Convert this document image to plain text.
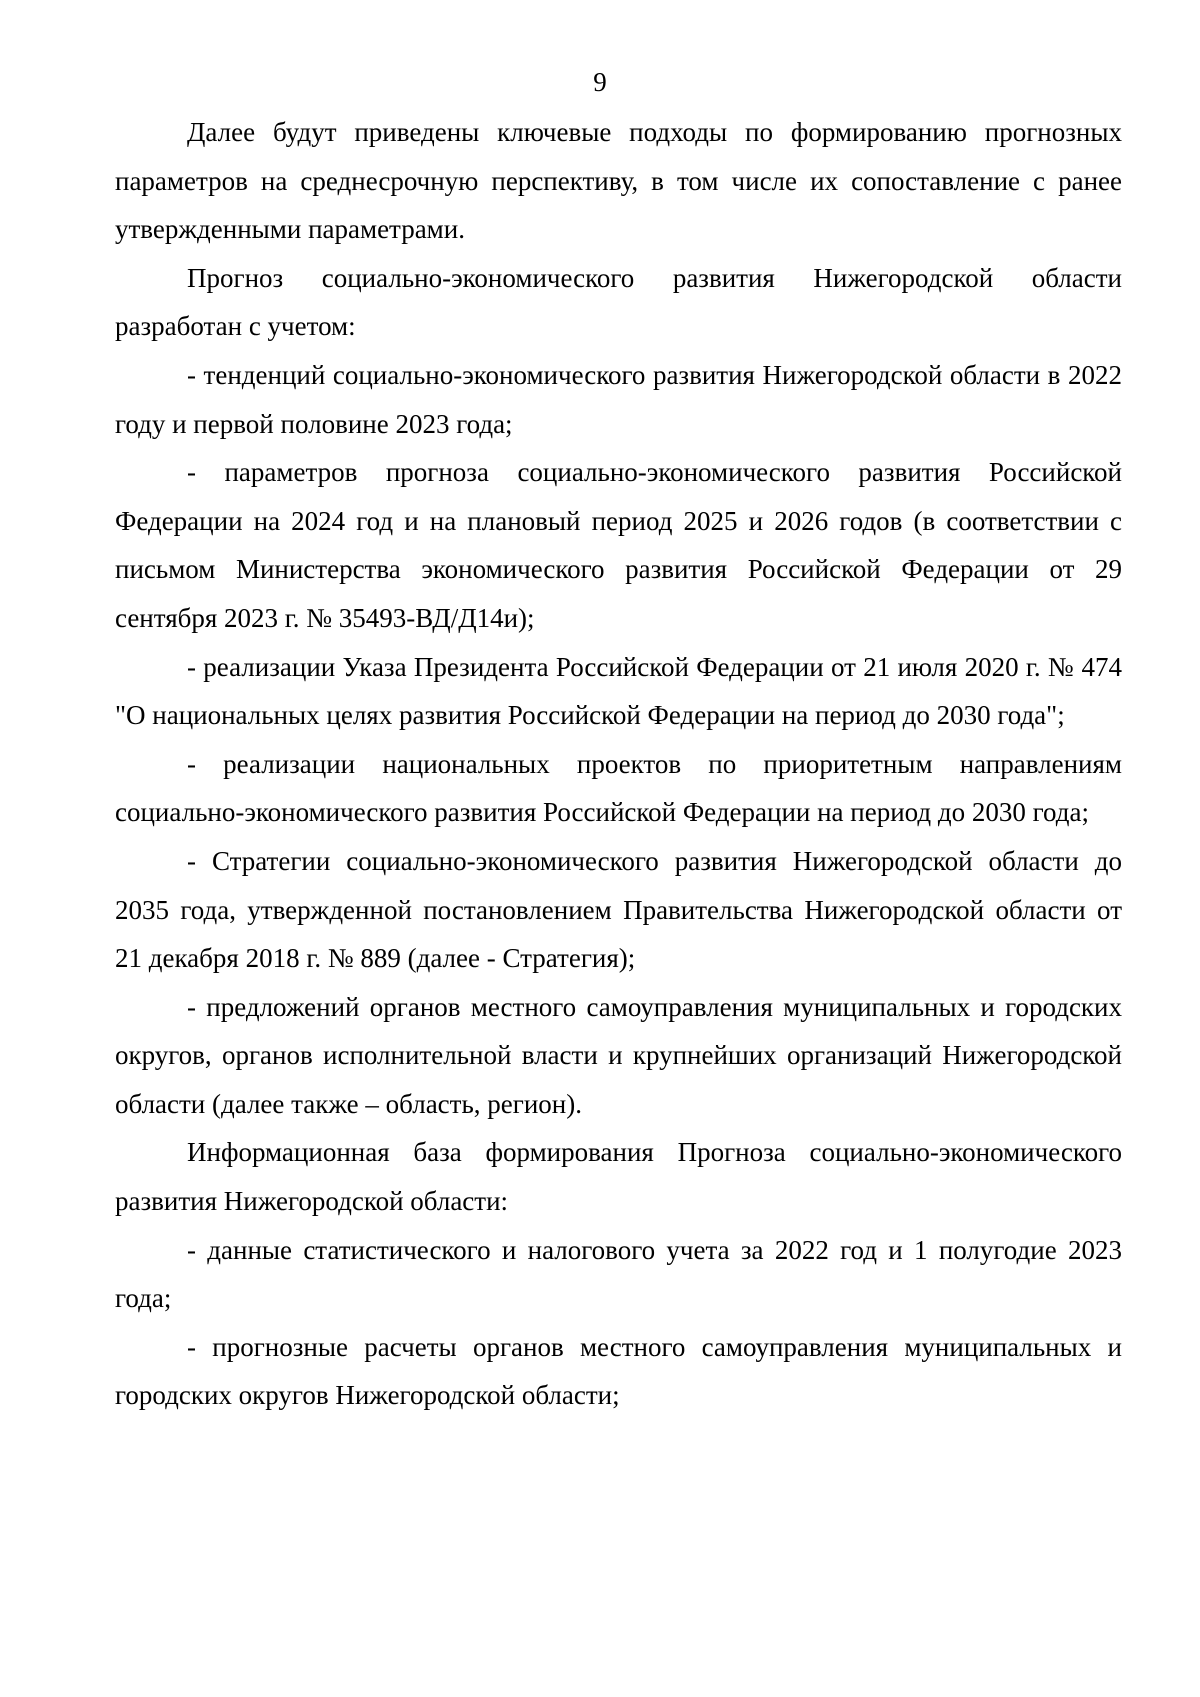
9

Далее будут приведены ключевые подходы по формированию прогнозных параметров на среднесрочную перспективу, в том числе их сопоставление с ранее утвержденными параметрами.

Прогноз социально-экономического развития Нижегородской области разработан с учетом:

- тенденций социально-экономического развития Нижегородской области в 2022 году и первой половине 2023 года;

- параметров прогноза социально-экономического развития Российской Федерации на 2024 год и на плановый период 2025 и 2026 годов (в соответствии с письмом Министерства экономического развития Российской Федерации от 29 сентября 2023 г. № 35493-ВД/Д14и);

- реализации Указа Президента Российской Федерации от 21 июля 2020 г. № 474 "О национальных целях развития Российской Федерации на период до 2030 года";

- реализации национальных проектов по приоритетным направлениям социально-экономического развития Российской Федерации на период до 2030 года;

- Стратегии социально-экономического развития Нижегородской области до 2035 года, утвержденной постановлением Правительства Нижегородской области от 21 декабря 2018 г. № 889 (далее - Стратегия);

- предложений органов местного самоуправления муниципальных и городских округов, органов исполнительной власти и крупнейших организаций Нижегородской области (далее также – область, регион).

Информационная база формирования Прогноза социально-экономического развития Нижегородской области:

- данные статистического и налогового учета за 2022 год и 1 полугодие 2023 года;

- прогнозные расчеты органов местного самоуправления муниципальных и городских округов Нижегородской области;
